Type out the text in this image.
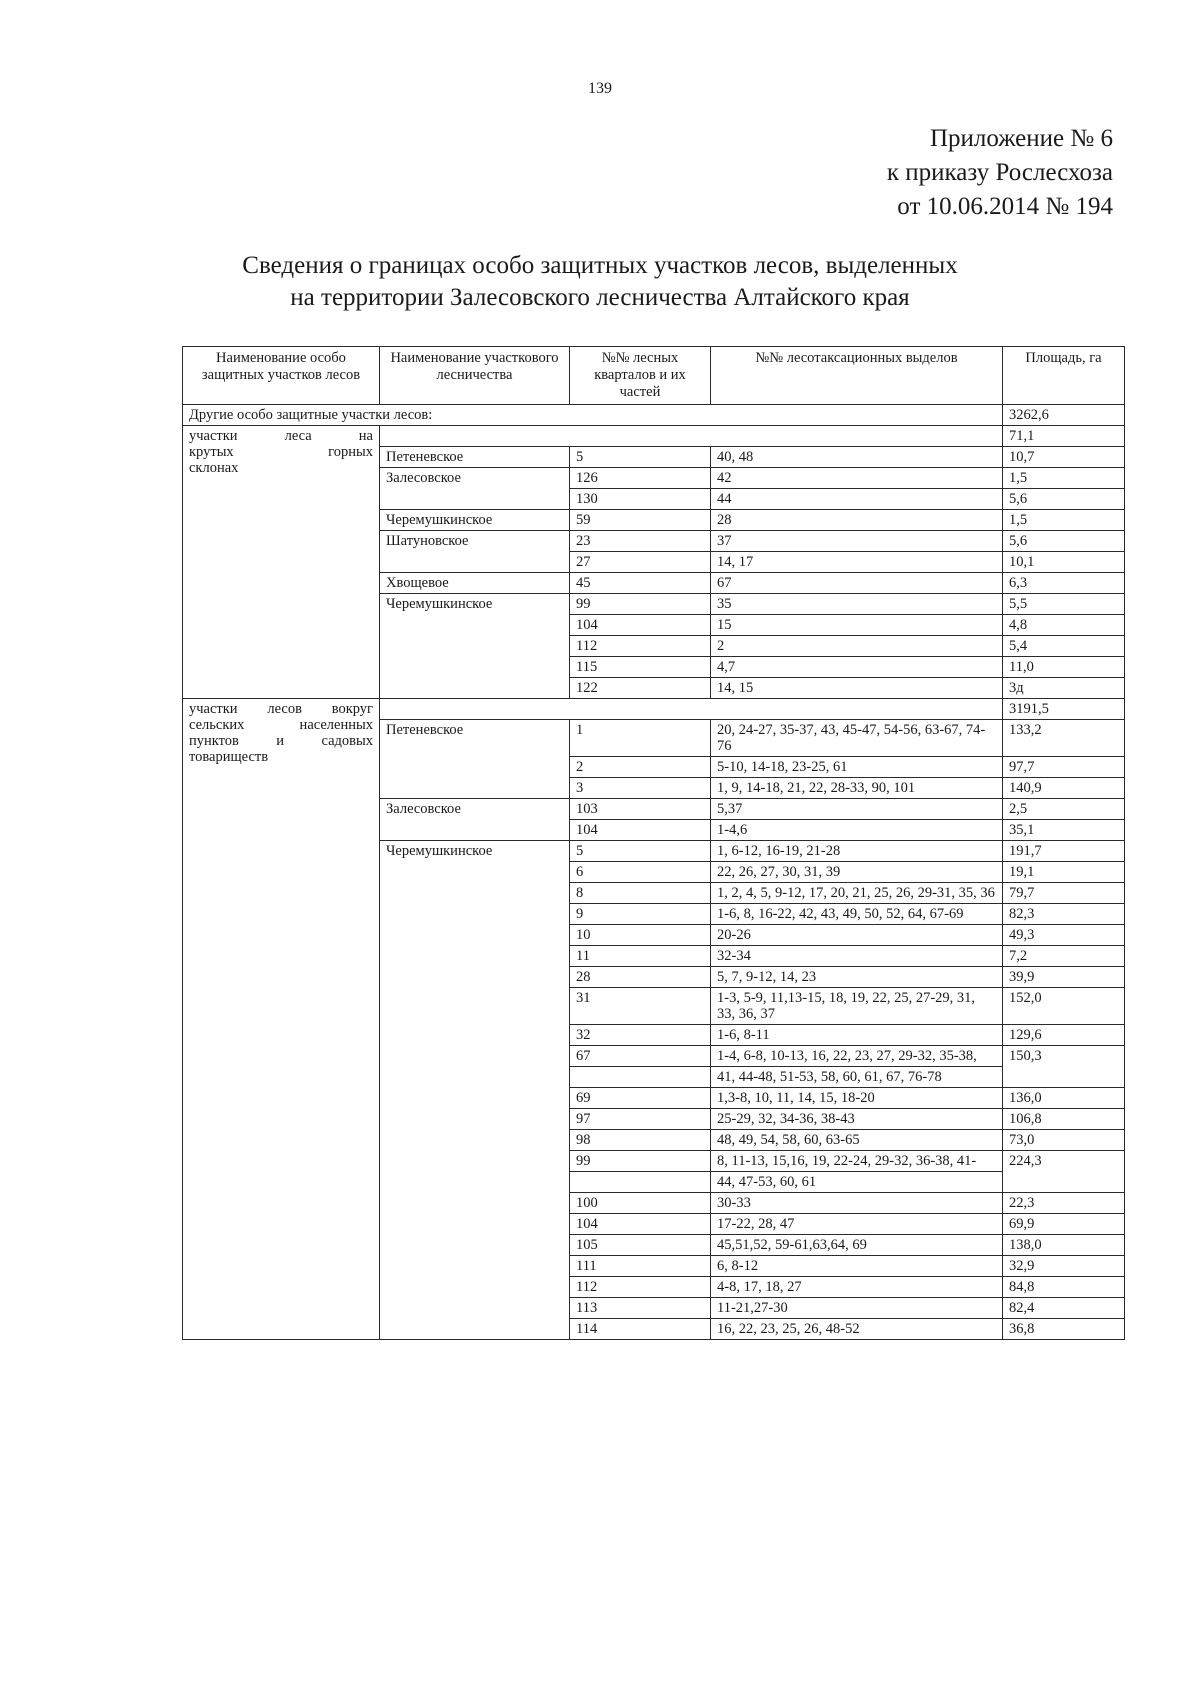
139
Приложение № 6
к приказу Рослесхоза
от 10.06.2014 № 194
Сведения о границах особо защитных участков лесов, выделенных
на территории Залесовского лесничества Алтайского края
Наименование особо защитных участков лесов	Наименование участкового лесничества	№№ лесных кварталов и их частей	№№ лесотаксационных выделов	Площадь, га
Другие особо защитные участки лесов:				3262,6

участки леса на
крутых горных
склонах				71,1
	Петеневское	5	40, 48	10,7
	Залесовское	126	42	1,5
		130	44	5,6
	Черемушкинское	59	28	1,5
	Шатуновское	23	37	5,6
		27	14, 17	10,1
	Хвощевое	45	67	6,3
	Черемушкинское	99	35	5,5
		104	15	4,8
		112	2	5,4
		115	4,7	11,0
		122	14, 15	3д

участки лесов вокруг
сельских населенных
пунктов и садовых
товариществ				3191,5
	Петеневское	1	20, 24-27, 35-37, 43, 45-47, 54-56, 63-67, 74-76	133,2
		2	5-10, 14-18, 23-25, 61	97,7
		3	1, 9, 14-18, 21, 22, 28-33, 90, 101	140,9
	Залесовское	103	5,37	2,5
		104	1-4,6	35,1
	Черемушкинское	5	1, 6-12, 16-19, 21-28	191,7
		6	22, 26, 27, 30, 31, 39	19,1
		8	1, 2, 4, 5, 9-12, 17, 20, 21, 25, 26, 29-31, 35, 36	79,7
		9	1-6, 8, 16-22, 42, 43, 49, 50, 52, 64, 67-69	82,3
		10	20-26	49,3
		11	32-34	7,2
		28	5, 7, 9-12, 14, 23	39,9
		31	1-3, 5-9, 11,13-15, 18, 19, 22, 25, 27-29, 31, 33, 36, 37	152,0
		32	1-6, 8-11	129,6
		67	1-4, 6-8, 10-13, 16, 22, 23, 27, 29-32, 35-38,	150,3
			41, 44-48, 51-53, 58, 60, 61, 67, 76-78	
		69	1,3-8, 10, 11, 14, 15, 18-20	136,0
		97	25-29, 32, 34-36, 38-43	106,8
		98	48, 49, 54, 58, 60, 63-65	73,0
		99	8, 11-13, 15,16, 19, 22-24, 29-32, 36-38, 41-	224,3
			44, 47-53, 60, 61	
		100	30-33	22,3
		104	17-22, 28, 47	69,9
		105	45,51,52, 59-61,63,64, 69	138,0
		111	6, 8-12	32,9
		112	4-8, 17, 18, 27	84,8
		113	11-21,27-30	82,4
		114	16, 22, 23, 25, 26, 48-52	36,8
